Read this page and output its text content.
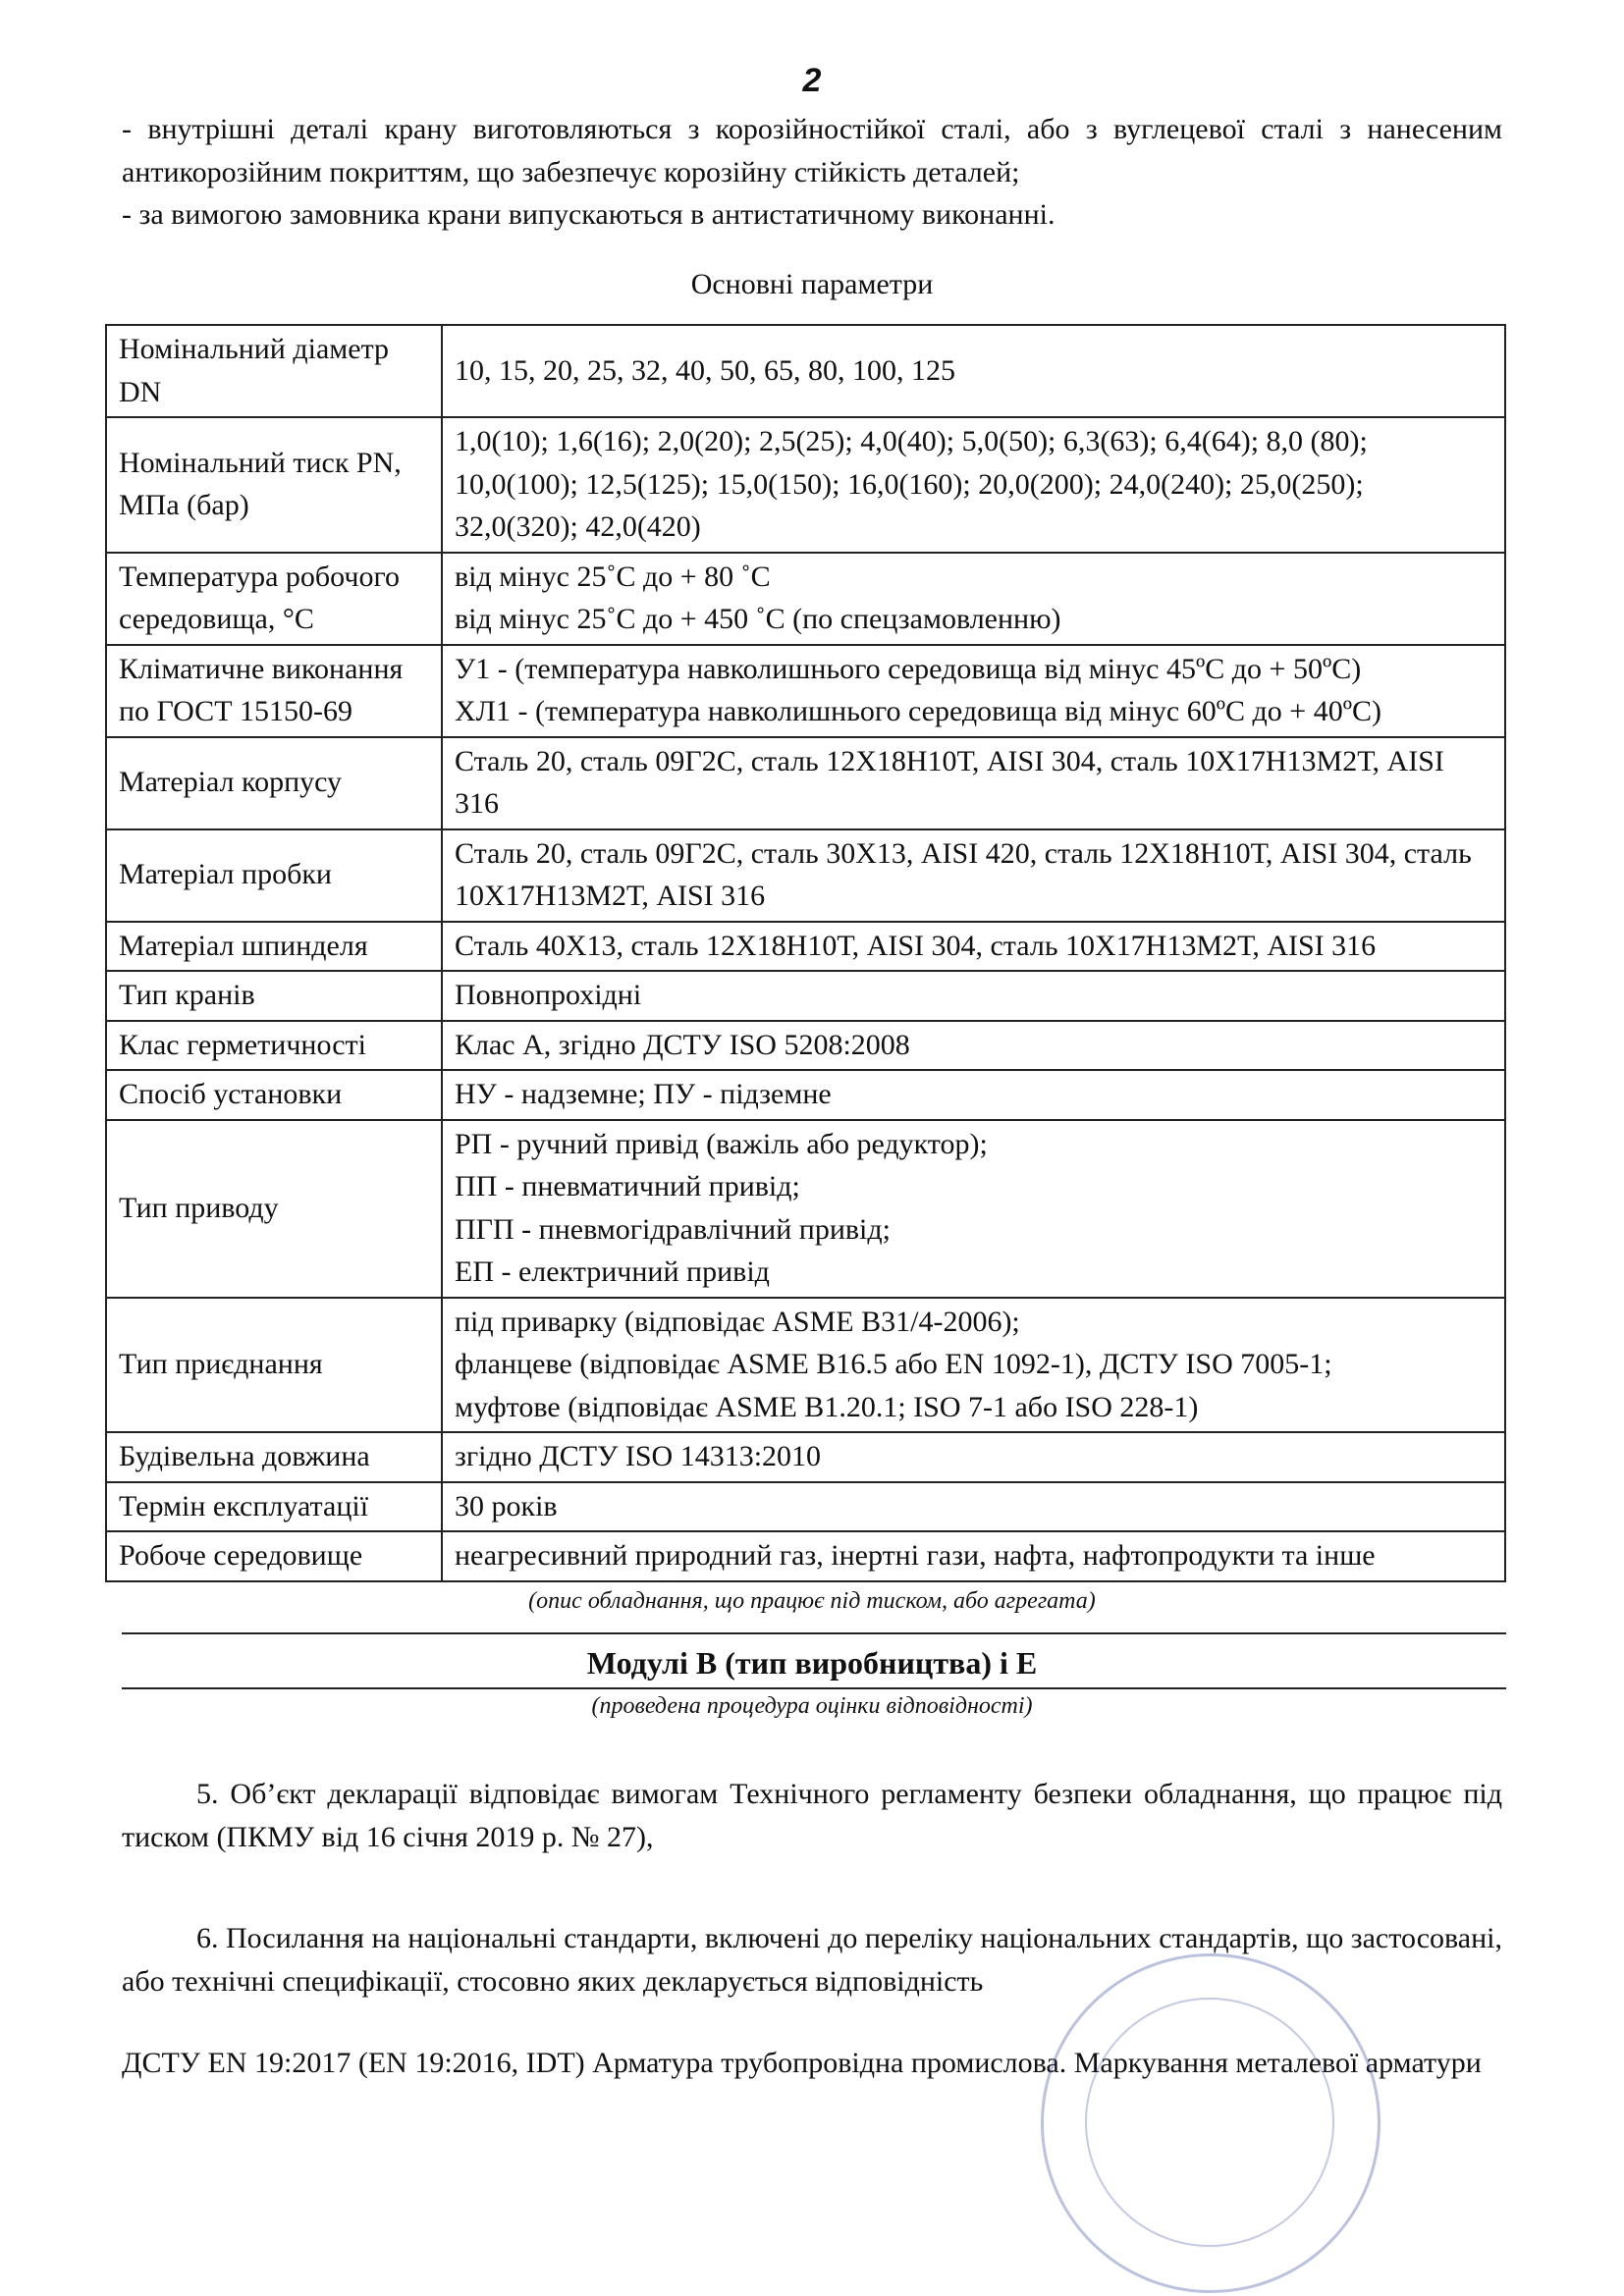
2

- внутрішні деталі крану виготовляються з корозійностійкої сталі, або з вуглецевої сталі з нанесеним антикорозійним покриттям, що забезпечує корозійну стійкість деталей;

- за вимогою замовника крани випускаються в антистатичному виконанні.

Основні параметри
Номінальний діаметр DN	10, 15, 20, 25, 32, 40, 50, 65, 80, 100, 125

Номінальний тиск PN, МПа (бар)	1,0(10); 1,6(16); 2,0(20); 2,5(25); 4,0(40); 5,0(50); 6,3(63); 6,4(64); 8,0 (80); 10,0(100); 12,5(125); 15,0(150); 16,0(160); 20,0(200); 24,0(240); 25,0(250); 32,0(320); 42,0(420)

Температура робочого середовища, °С	від мінус 25˚С до + 80 ˚С
від мінус 25˚С до + 450 ˚С (по спецзамовленню)

Кліматичне виконання по ГОСТ 15150-69	У1 - (температура навколишнього середовища від мінус 45ºС до + 50ºС)
ХЛ1 - (температура навколишнього середовища від мінус 60ºС до + 40ºС)

Матеріал корпусу	Сталь 20, сталь 09Г2С, сталь 12Х18Н10Т, AISI 304, сталь 10Х17Н13М2Т, AISI 316

Матеріал пробки	Сталь 20, сталь 09Г2С, сталь 30Х13, AISI 420, сталь 12Х18Н10Т, AISI 304, сталь 10Х17Н13М2Т, AISI 316

Матеріал шпинделя	Сталь 40Х13, сталь 12Х18Н10Т, AISI 304, сталь 10Х17Н13М2Т, AISI 316

Тип кранів	Повнопрохідні

Клас герметичності	Клас А, згідно ДСТУ ISO 5208:2008

Спосіб установки	НУ - надземне; ПУ - підземне

Тип приводу	РП - ручний привід (важіль або редуктор);
ПП - пневматичний привід;
ПГП - пневмогідравлічний привід;
ЕП - електричний привід

Тип приєднання	під приварку (відповідає ASME B31/4-2006);
фланцеве (відповідає ASME B16.5 або EN 1092-1), ДСТУ ISO 7005-1;
муфтове (відповідає ASME B1.20.1; ISO 7-1 або ISO 228-1)

Будівельна довжина	згідно ДСТУ ISO 14313:2010

Термін експлуатації	30 років

Робоче середовище	неагресивний природний газ, інертні гази, нафта, нафтопродукти та інше
(опис обладнання, що працює під тиском, або агрегата)
Модулі В (тип виробництва) і Е
(проведена процедура оцінки відповідності)
5. Об’єкт декларації відповідає вимогам Технічного регламенту безпеки обладнання, що працює під тиском (ПКМУ від 16 січня 2019 р. № 27),
6. Посилання на національні стандарти, включені до переліку національних стандартів, що застосовані, або технічні специфікації, стосовно яких декларується відповідність
ДСТУ EN 19:2017 (EN 19:2016, IDT) Арматура трубопровідна промислова. Маркування металевої арматури
